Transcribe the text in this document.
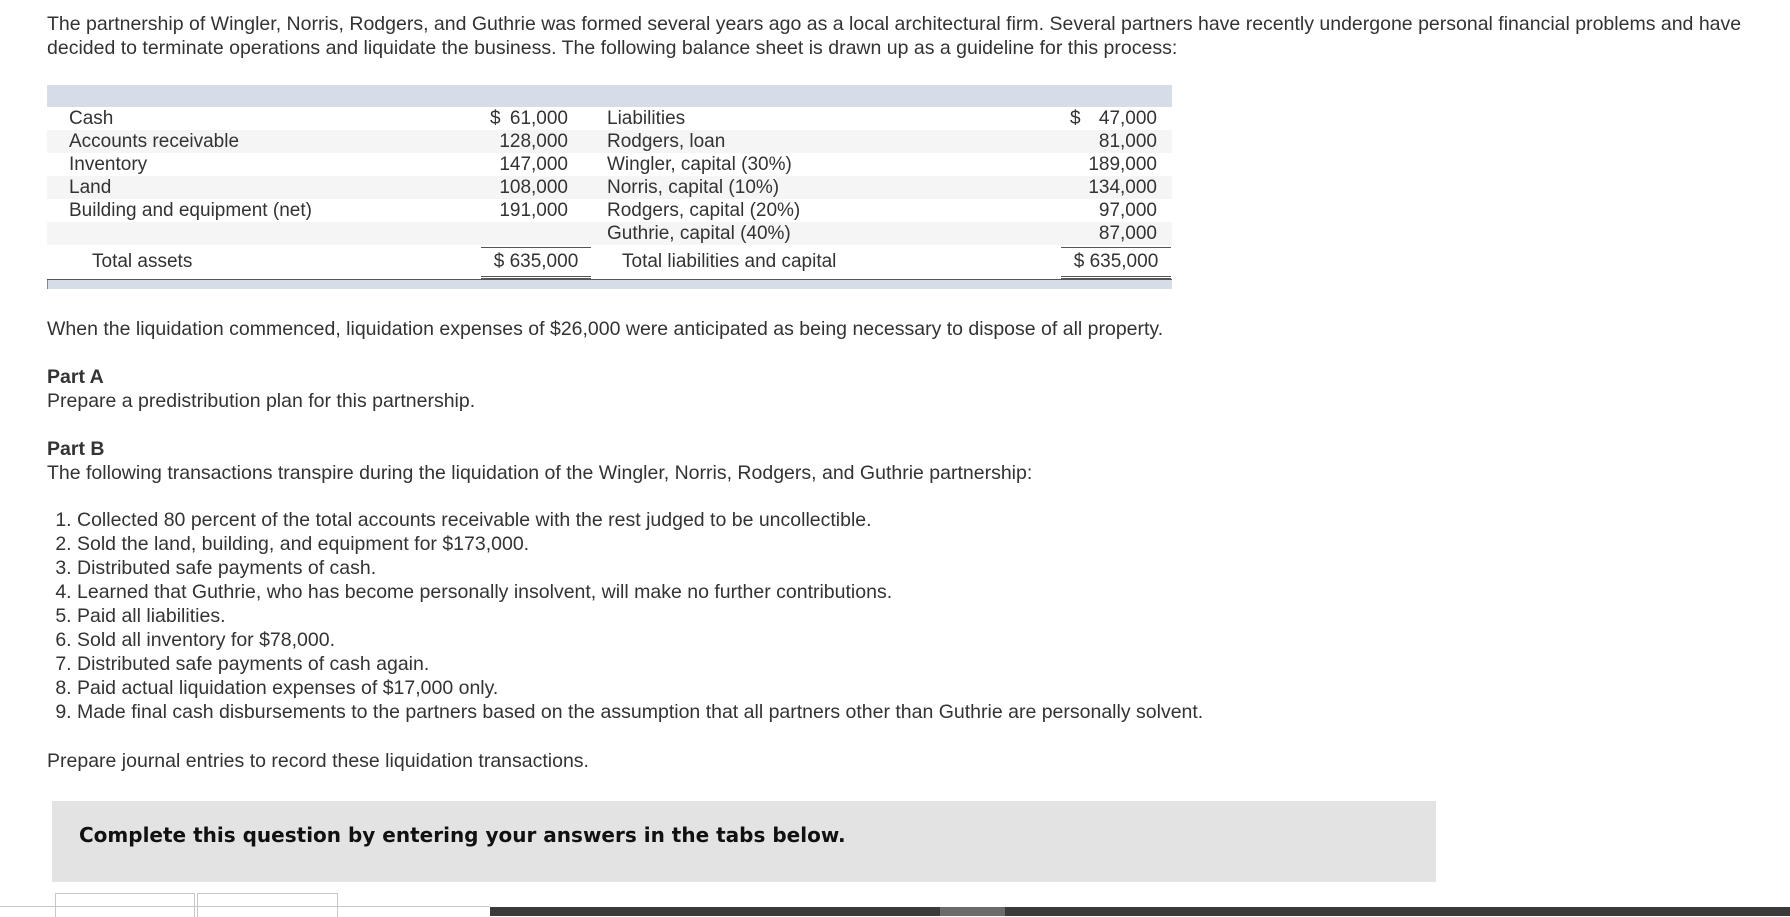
The partnership of Wingler, Norris, Rodgers, and Guthrie was formed several years ago as a local architectural firm. Several partners have recently undergone personal financial problems and have decided to terminate operations and liquidate the business. The following balance sheet is drawn up as a guideline for this process:

Cash	$ 61,000 Liabilities	$ 47,000
Accounts receivable	128,000 Rodgers, loan	81,000
Inventory	147,000 Wingler, capital (30%)	189,000
Land	108,000 Norris, capital (10%)	134,000
Building and equipment (net)	191,000 Rodgers, capital (20%)	97,000
Guthrie, capital (40%)	87,000
Total assets	$ 635,000	Total liabilities and capital	$ 635,000

When the liquidation commenced, liquidation expenses of $26,000 were anticipated as being necessary to dispose of all property.

Part A

Prepare a predistribution plan for this partnership.

Part B

The following transactions transpire during the liquidation of the Wingler, Norris, Rodgers, and Guthrie partnership:

1. Collected 80 percent of the total accounts receivable with the rest judged to be uncollectible.
2. Sold the land, building, and equipment for $173,000.
3. Distributed safe payments of cash.
4. Learned that Guthrie, who has become personally insolvent, will make no further contributions.
5. Paid all liabilities.
6. Sold all inventory for $78,000.
7. Distributed safe payments of cash again.
8. Paid actual liquidation expenses of $17,000 only.
9. Made final cash disbursements to the partners based on the assumption that all partners other than Guthrie are personally solvent.

Prepare journal entries to record these liquidation transactions.

Complete this question by entering your answers in the tabs below.
